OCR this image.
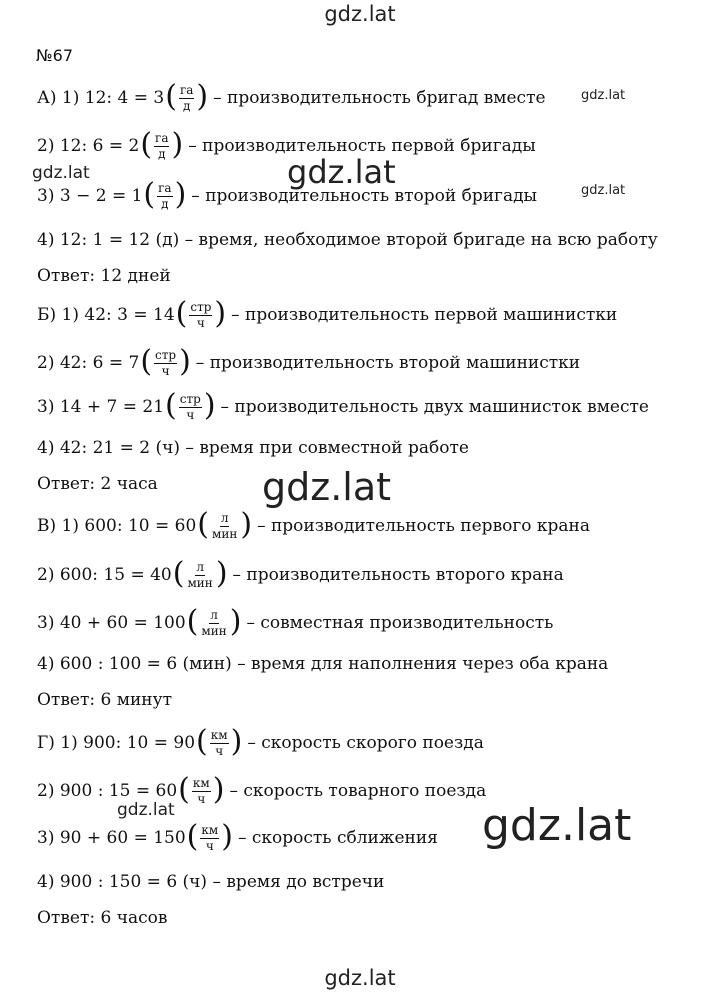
gdz.lat
№67
А) 1) 12: 4 = 3 ( $\frac{га}{д}$ ) – производительность бригад вместе
2) 12: 6 = 2 ( $\frac{га}{д}$ ) – производительность первой бригады
3) 3 − 2 = 1 ( $\frac{га}{д}$ ) – производительность второй бригады
4) 12: 1 = 12 (д) – время, необходимое второй бригаде на всю работу
Ответ: 12 дней
Б) 1) 42: 3 = 14 ( $\frac{\text{стр}}{ч}$ ) – производительность первой машинистки
2) 42: 6 = 7 ( $\frac{\text{стр}}{ч}$ ) – производительность второй машинистки
3) 14 + 7 = 21 ( $\frac{\text{стр}}{ч}$ ) – производительность двух машинисток вместе
4) 42: 21 = 2 (ч) – время при совместной работе
Ответ: 2 часа
В) 1) 600: 10 = 60 ( $\frac{л}{\text{мин}}$ ) – производительность первого крана
2) 600: 15 = 40 ( $\frac{л}{\text{мин}}$ ) – производительность второго крана
3) 40 + 60 = 100 ( $\frac{л}{\text{мин}}$ ) – совместная производительность
4) 600 : 100 = 6 (мин) – время для наполнения через оба крана
Ответ: 6 минут
Г) 1) 900: 10 = 90 ( $\frac{км}{ч}$ ) – скорость скорого поезда
2) 900 : 15 = 60 ( $\frac{км}{ч}$ ) – скорость товарного поезда
3) 90 + 60 = 150 ( $\frac{км}{ч}$ ) – скорость сближения
4) 900 : 150 = 6 (ч) – время до встречи
Ответ: 6 часов
gdz.lat
gdz.lat	gdz.lat	gdz.lat
gdz.lat
gdz.lat	gdz.lat
gdz.lat
